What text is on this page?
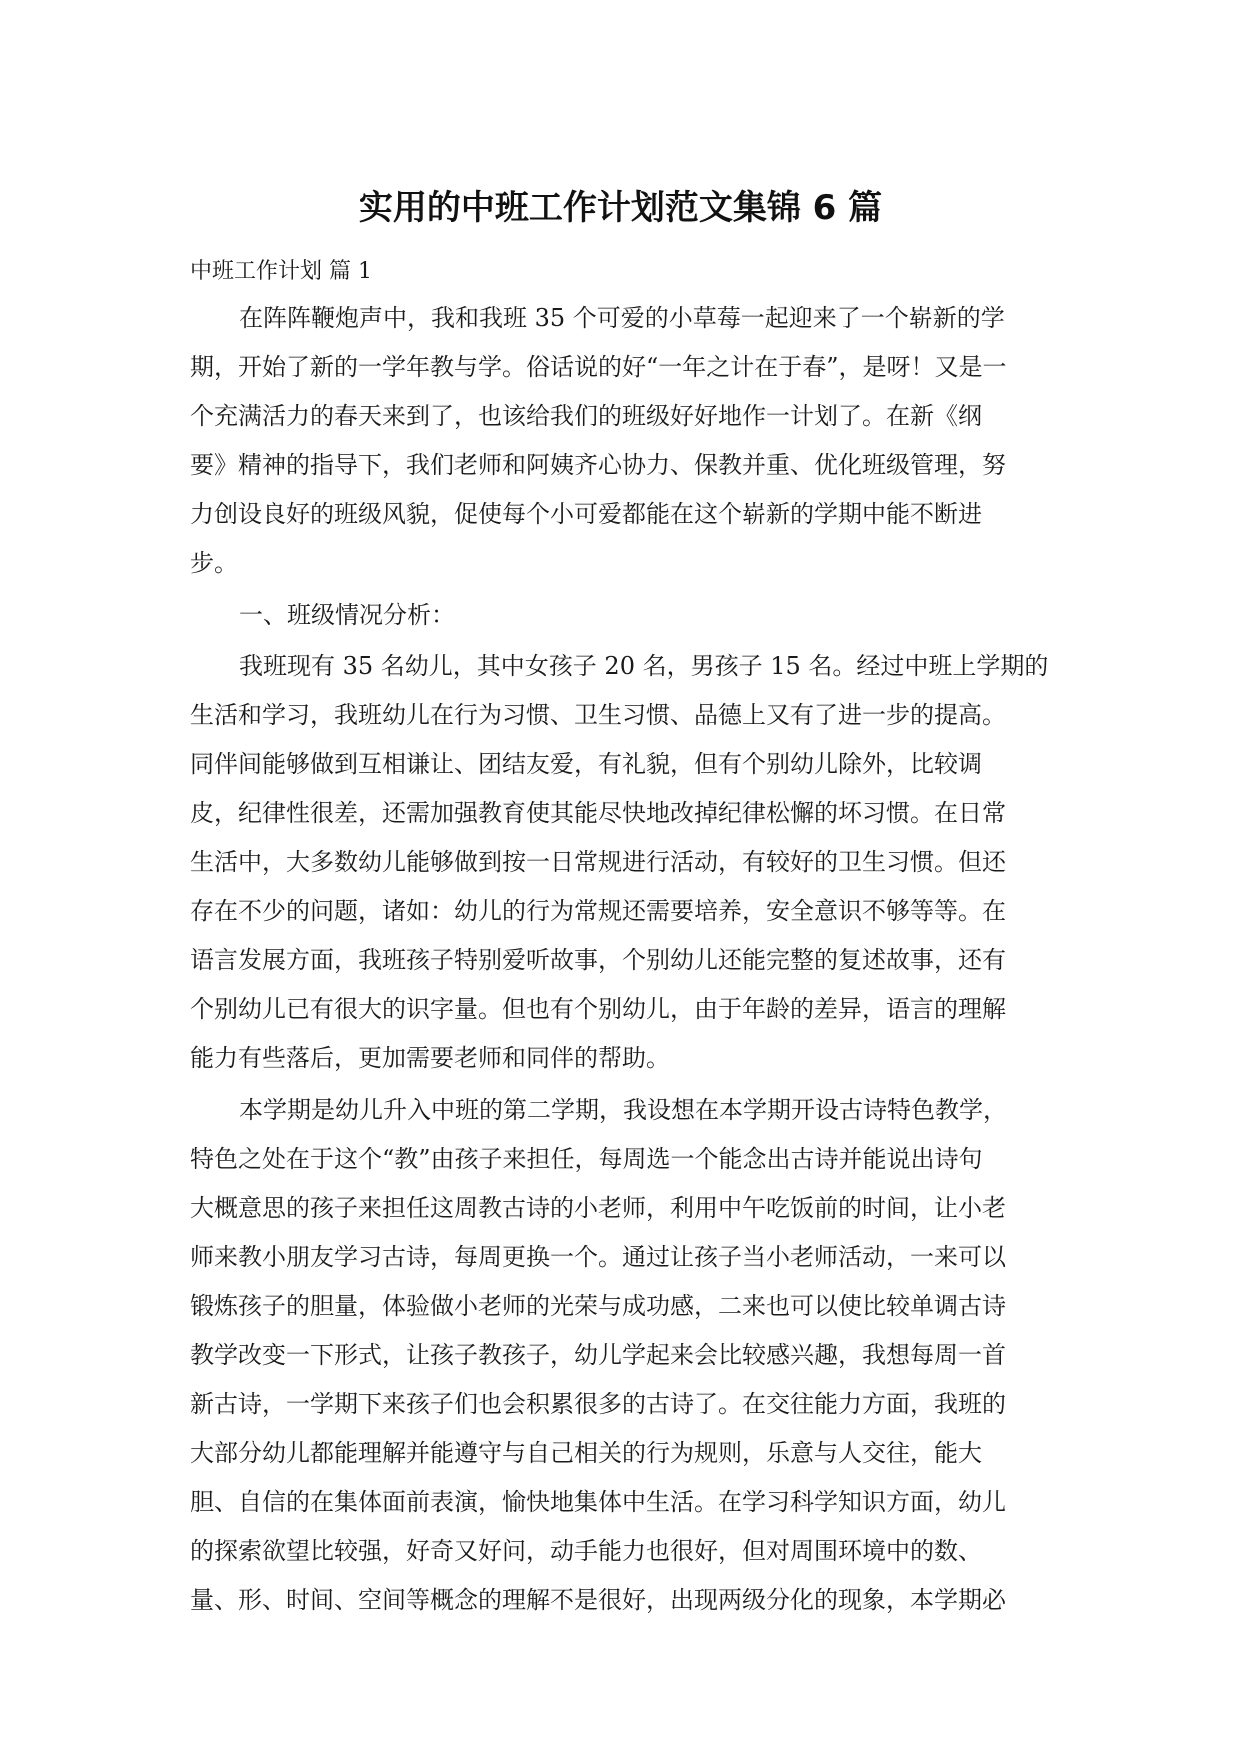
实用的中班工作计划范文集锦 6 篇
中班工作计划 篇 1
在阵阵鞭炮声中，我和我班 35 个可爱的小草莓一起迎来了一个崭新的学
期，开始了新的一学年教与学。俗话说的好“一年之计在于春”，是呀！又是一
个充满活力的春天来到了，也该给我们的班级好好地作一计划了。在新《纲
要》精神的指导下，我们老师和阿姨齐心协力、保教并重、优化班级管理，努
力创设良好的班级风貌，促使每个小可爱都能在这个崭新的学期中能不断进
步。
一、班级情况分析：
我班现有 35 名幼儿，其中女孩子 20 名，男孩子 15 名。经过中班上学期的
生活和学习，我班幼儿在行为习惯、卫生习惯、品德上又有了进一步的提高。
同伴间能够做到互相谦让、团结友爱，有礼貌，但有个别幼儿除外，比较调
皮，纪律性很差，还需加强教育使其能尽快地改掉纪律松懈的坏习惯。在日常
生活中，大多数幼儿能够做到按一日常规进行活动，有较好的卫生习惯。但还
存在不少的问题，诸如：幼儿的行为常规还需要培养，安全意识不够等等。在
语言发展方面，我班孩子特别爱听故事，个别幼儿还能完整的复述故事，还有
个别幼儿已有很大的识字量。但也有个别幼儿，由于年龄的差异，语言的理解
能力有些落后，更加需要老师和同伴的帮助。
本学期是幼儿升入中班的第二学期，我设想在本学期开设古诗特色教学，
特色之处在于这个“教”由孩子来担任，每周选一个能念出古诗并能说出诗句
大概意思的孩子来担任这周教古诗的小老师，利用中午吃饭前的时间，让小老
师来教小朋友学习古诗，每周更换一个。通过让孩子当小老师活动，一来可以
锻炼孩子的胆量，体验做小老师的光荣与成功感，二来也可以使比较单调古诗
教学改变一下形式，让孩子教孩子，幼儿学起来会比较感兴趣，我想每周一首
新古诗，一学期下来孩子们也会积累很多的古诗了。在交往能力方面，我班的
大部分幼儿都能理解并能遵守与自己相关的行为规则，乐意与人交往，能大
胆、自信的在集体面前表演，愉快地集体中生活。在学习科学知识方面，幼儿
的探索欲望比较强，好奇又好问，动手能力也很好，但对周围环境中的数、
量、形、时间、空间等概念的理解不是很好，出现两级分化的现象，本学期必
